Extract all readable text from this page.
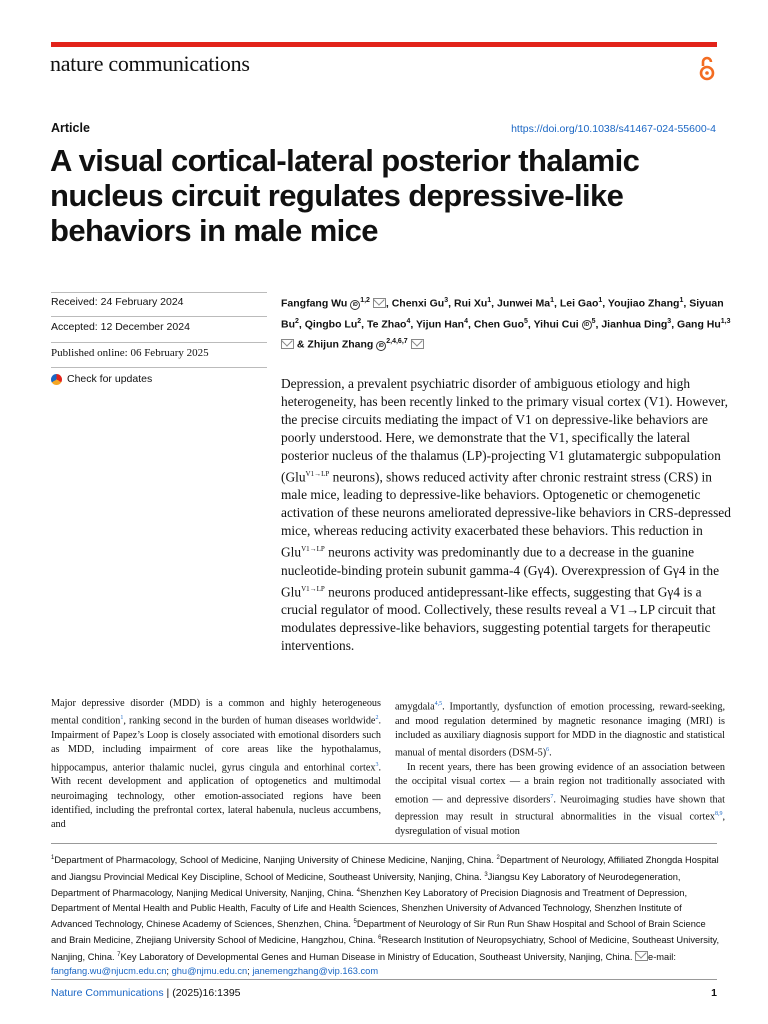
nature communications
Article	https://doi.org/10.1038/s41467-024-55600-4
A visual cortical-lateral posterior thalamic nucleus circuit regulates depressive-like behaviors in male mice
Received: 24 February 2024
Accepted: 12 December 2024
Published online: 06 February 2025
Check for updates
Fangfang Wu iD$^{1,2}$ , Chenxi Gu$^3$, Rui Xu$^1$, Junwei Ma$^1$, Lei Gao$^1$, Youjiao Zhang$^1$, Siyuan Bu$^2$, Qingbo Lu$^2$, Te Zhao$^4$, Yijun Han$^4$, Chen Guo$^5$, Yihui Cui $iD^5$, Jianhua Ding$^3$, Gang Hu$^{1,3}$  & Zhijun Zhang iD$^{2,4,6,7}$

Depression, a prevalent psychiatric disorder of ambiguous etiology and high heterogeneity, has been recently linked to the primary visual cortex (V1). However, the precise circuits mediating the impact of V1 on depressive-like behaviors are poorly understood. Here, we demonstrate that the V1, specifically the lateral posterior nucleus of the thalamus (LP)-projecting V1 glutamatergic subpopulation (Glu$^{V1\to LP}$ neurons), shows reduced activity after chronic restraint stress (CRS) in male mice, leading to depressive-like behaviors. Optogenetic or chemogenetic activation of these neurons ameliorated depressive-like behaviors in CRS-depressed mice, whereas reducing activity exacerbated these behaviors. This reduction in Glu$^{V1\to LP}$ neurons activity was predominantly due to a decrease in the guanine nucleotide-binding protein subunit gamma-4 (Gγ4). Overexpression of Gγ4 in the Glu$^{V1\to LP}$ neurons produced antidepressant-like effects, suggesting that Gγ4 is a crucial regulator of mood. Collectively, these results reveal a V1→LP circuit that modulates depressive-like behaviors, suggesting potential targets for therapeutic interventions.

Major depressive disorder (MDD) is a common and highly heterogeneous mental condition$^1$, ranking second in the burden of human diseases worldwide$^2$. Impairment of Papez’s Loop is closely associated with emotional disorders such as MDD, including impairment of core areas like the hypothalamus, hippocampus, anterior thalamic nuclei, gyrus cingula and entorhinal cortex$^3$. With recent development and application of optogenetics and multimodal neuroimaging technology, other emotion-associated regions have been identified, including the prefrontal cortex, lateral habenula, nucleus accumbens, and

amygdala$^{4,5}$. Importantly, dysfunction of emotion processing, reward-seeking, and mood regulation determined by magnetic resonance imaging (MRI) is included as auxiliary diagnosis support for MDD in the diagnostic and statistical manual of mental disorders $(DSM-5)^6$.

In recent years, there has been growing evidence of an association between the occipital visual cortex — a brain region not traditionally associated with emotion — and depressive disorders$^7$. Neuroimaging studies have shown that depression may result in structural abnormalities in the visual cortex$^{8,9}$, dysregulation of visual motion

$^1$Department of Pharmacology, School of Medicine, Nanjing University of Chinese Medicine, Nanjing, China. $^2$Department of Neurology, Affiliated Zhongda Hospital and Jiangsu Provincial Medical Key Discipline, School of Medicine, Southeast University, Nanjing, China. $^3$Jiangsu Key Laboratory of Neurodegeneration, Department of Pharmacology, Nanjing Medical University, Nanjing, China. $^4$Shenzhen Key Laboratory of Precision Diagnosis and Treatment of Depression, Department of Mental Health and Public Health, Faculty of Life and Health Sciences, Shenzhen University of Advanced Technology, Shenzhen Institute of Advanced Technology, Chinese Academy of Sciences, Shenzhen, China. $^5$Department of Neurology of Sir Run Run Shaw Hospital and School of Brain Science and Brain Medicine, Zhejiang University School of Medicine, Hangzhou, China. $^6$Research Institution of Neuropsychiatry, School of Medicine, Southeast University, Nanjing, China. $^7$Key Laboratory of Developmental Genes and Human Disease in Ministry of Education, Southeast University, Nanjing, China. e-mail: fangfang.wu@njucm.edu.cn; ghu@njmu.edu.cn; janemengzhang@vip.163.com

Nature Communications | (2025)16:1395	1
